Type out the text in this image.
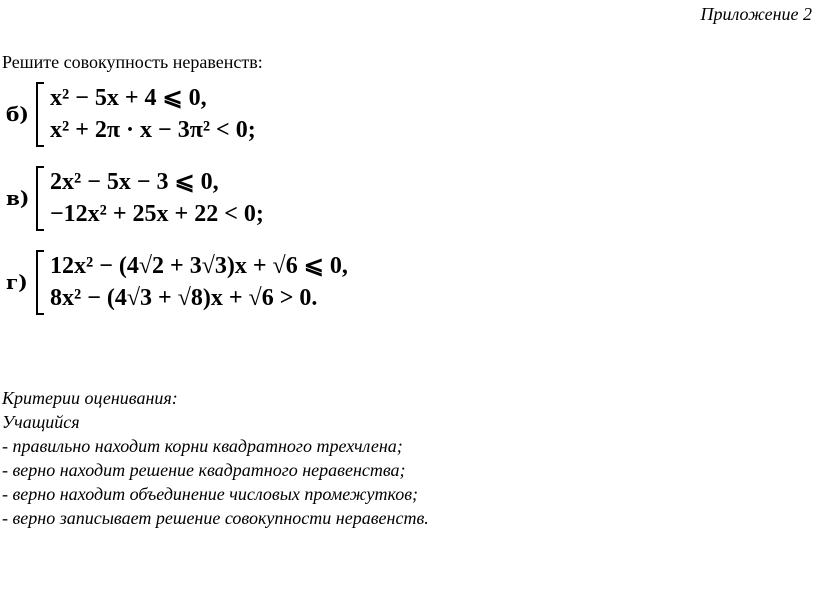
Приложение 2
Решите совокупность неравенств:
б)
x² − 5x + 4 ⩽ 0,
x² + 2π · x − 3π² < 0;
в)
2x² − 5x − 3 ⩽ 0,
−12x² + 25x + 22 < 0;
г)
12x² − (4√2 + 3√3)x + √6 ⩽ 0,
8x² − (4√3 + √8)x + √6 > 0.
Критерии оценивания:
Учащийся
- правильно находит корни квадратного трехчлена;
- верно находит решение квадратного неравенства;
- верно находит объединение числовых промежутков;
- верно записывает решение совокупности неравенств.
